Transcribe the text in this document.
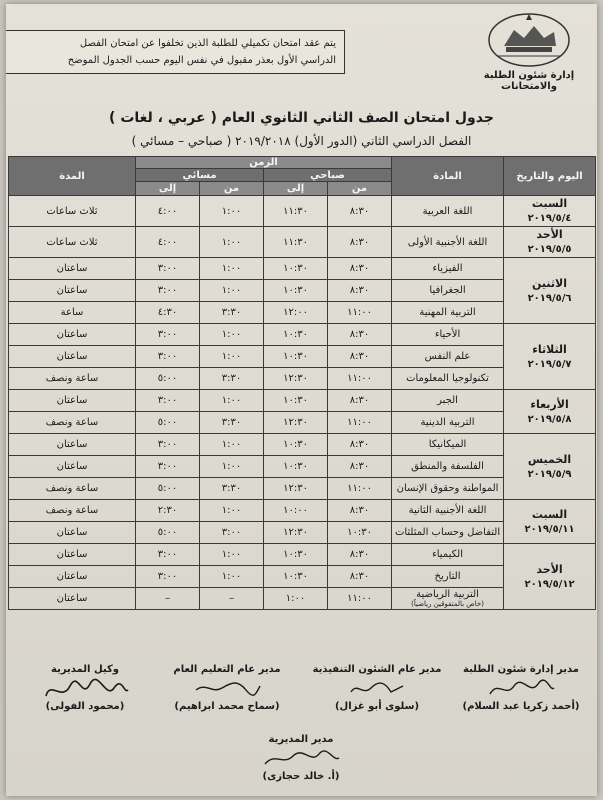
إدارة شئون الطلبة والامتحانات
يتم عقد امتحان تكميلي للطلبة الذين تخلفوا عن امتحان الفصل
الدراسي الأول بعذر مقبول في نفس اليوم حسب الجدول الموضح
جدول امتحان الصف الثاني الثانوي العام ( عربي ، لغات )
الفصل الدراسي الثاني (الدور الأول) ٢٠١٩/٢٠١٨ ( صباحي – مسائي )
اليوم والتاريخ	المادة	الزمن				المدة
		صباحي		مسائي		
		من	إلى	من	إلى	

السبت
٢٠١٩/٥/٤	اللغة العربية	٨:٣٠	١١:٣٠	١:٠٠	٤:٠٠	ثلاث ساعات

الأحد
٢٠١٩/٥/٥	اللغة الأجنبية الأولى	٨:٣٠	١١:٣٠	١:٠٠	٤:٠٠	ثلاث ساعات

الاثنين
٢٠١٩/٥/٦	الفيزياء	٨:٣٠	١٠:٣٠	١:٠٠	٣:٠٠	ساعتان
	الجغرافيا	٨:٣٠	١٠:٣٠	١:٠٠	٣:٠٠	ساعتان
	التربية المهنية	١١:٠٠	١٢:٠٠	٣:٣٠	٤:٣٠	ساعة

الثلاثاء
٢٠١٩/٥/٧	الأحياء	٨:٣٠	١٠:٣٠	١:٠٠	٣:٠٠	ساعتان
	علم النفس	٨:٣٠	١٠:٣٠	١:٠٠	٣:٠٠	ساعتان
	تكنولوجيا المعلومات	١١:٠٠	١٢:٣٠	٣:٣٠	٥:٠٠	ساعة ونصف

الأربعاء
٢٠١٩/٥/٨	الجبر	٨:٣٠	١٠:٣٠	١:٠٠	٣:٠٠	ساعتان
	التربية الدينية	١١:٠٠	١٢:٣٠	٣:٣٠	٥:٠٠	ساعة ونصف

الخميس
٢٠١٩/٥/٩	الميكانيكا	٨:٣٠	١٠:٣٠	١:٠٠	٣:٠٠	ساعتان
	الفلسفة والمنطق	٨:٣٠	١٠:٣٠	١:٠٠	٣:٠٠	ساعتان
	المواطنة وحقوق الإنسان	١١:٠٠	١٢:٣٠	٣:٣٠	٥:٠٠	ساعة ونصف

السبت
٢٠١٩/٥/١١	اللغة الأجنبية الثانية	٨:٣٠	١٠:٠٠	١:٠٠	٢:٣٠	ساعة ونصف
	التفاضل وحساب المثلثات	١٠:٣٠	١٢:٣٠	٣:٠٠	٥:٠٠	ساعتان

الأحد
٢٠١٩/٥/١٢	الكيمياء	٨:٣٠	١٠:٣٠	١:٠٠	٣:٠٠	ساعتان
	التاريخ	٨:٣٠	١٠:٣٠	١:٠٠	٣:٠٠	ساعتان
	التربية الرياضية
(خاص بالمتفوقين رياضياً)	١١:٠٠	١:٠٠	–	–	ساعتان
مدير إدارة شئون الطلبة
(أحمد زكريا عبد السلام)
مدير عام الشئون التنفيذية
(سلوى أبو غزال)
مدير عام التعليم العام
(سماح محمد ابراهيم)
وكيل المديرية
(محمود الفولى)
مدير المديرية
(أ. خالد حجازى)
